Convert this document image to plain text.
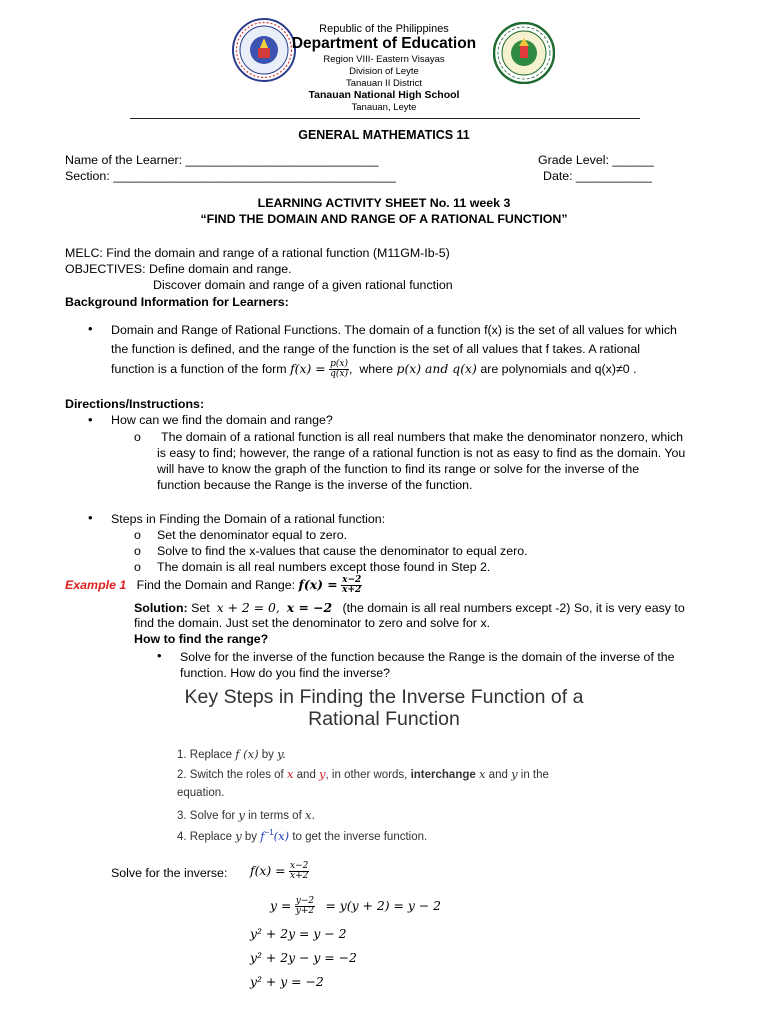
Republic of the Philippines
Department of Education
Region VIII- Eastern Visayas
Division of Leyte
Tanauan II District
Tanauan National High School
Tanauan, Leyte
GENERAL MATHEMATICS 11
Name of the Learner: ____________________________	Grade Level: ______
Section: _________________________________________	Date: ___________
LEARNING ACTIVITY SHEET No. 11 week 3
“FIND THE DOMAIN AND RANGE OF A RATIONAL FUNCTION”
MELC: Find the domain and range of a rational function (M11GM-Ib-5)
OBJECTIVES: Define domain and range.
Discover domain and range of a given rational function
Background Information for Learners:
• Domain and Range of Rational Functions. The domain of a function f(x) is the set of all values for which
the function is defined, and the range of the function is the set of all values that f takes. A rational
function is a function of the form $f(x) = \frac{p(x)}{q(x)}$ ,  where p(x) and q(x) are polynomials and q(x)≠0 .
Directions/Instructions:
• How can we find the domain and range?
o The domain of a rational function is all real numbers that make the denominator nonzero, which
is easy to find; however, the range of a rational function is not as easy to find as the domain. You
will have to know the graph of the function to find its range or solve for the inverse of the
function because the Range is the inverse of the function.
• Steps in Finding the Domain of a rational function:
o Set the denominator equal to zero.
o Solve to find the x-values that cause the denominator to equal zero.
o The domain is all real numbers except those found in Step 2.
Example 1 Find the Domain and Range: $f(x) = \frac{x-2}{x+2}$
Solution: Set x + 2 = 0, x = −2 (the domain is all real numbers except -2) So, it is very easy to
find the domain. Just set the denominator to zero and solve for x.
How to find the range?
• Solve for the inverse of the function because the Range is the domain of the inverse of the
function. How do you find the inverse?
Key Steps in Finding the Inverse Function of a
Rational Function
1. Replace f (x) by y.
2. Switch the roles of x and y, in other words, interchange x and y in the
equation.
3. Solve for y in terms of x.
4. Replace y by $f^{-1}(x)$ to get the inverse function.
Solve for the inverse: $f(x) = \frac{x-2}{x+2}$
$y = \frac{y-2}{y+2} = y(y + 2) = y - 2$
y² + 2y = y − 2
y² + 2y − y = −2
y² + y = −2
